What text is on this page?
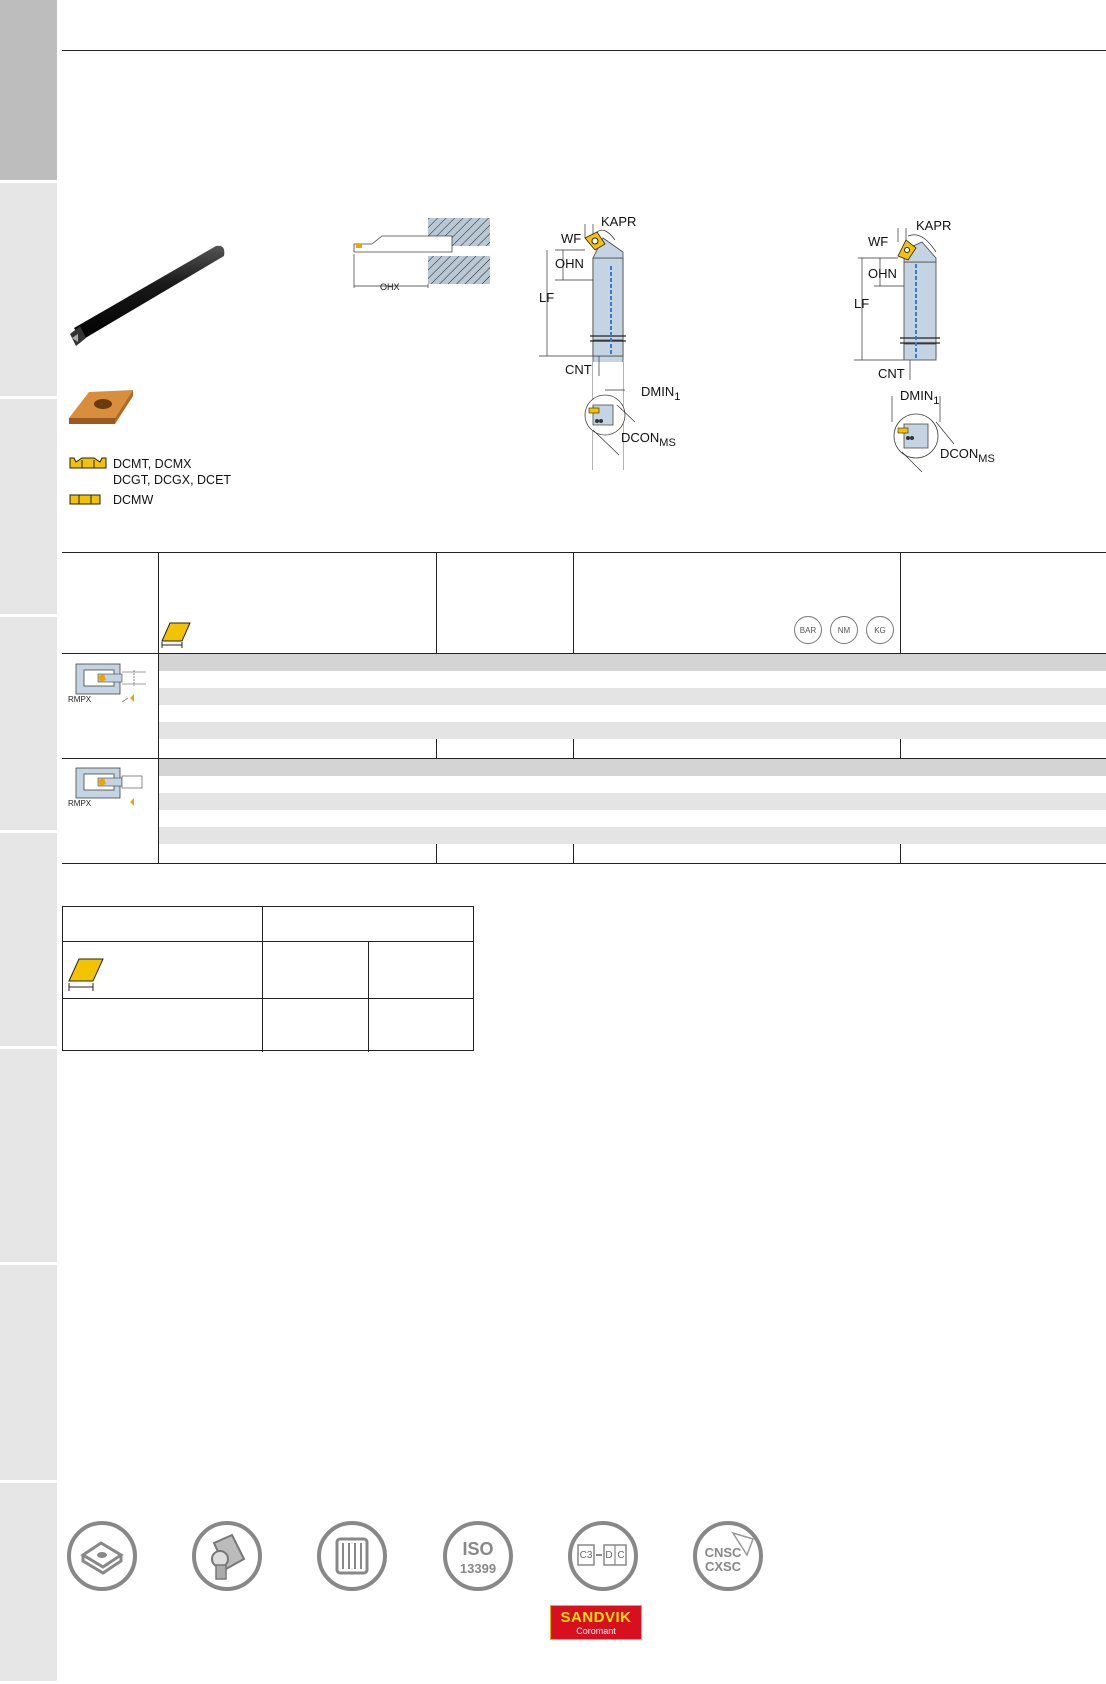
DCMT, DCMX
DCGT, DCGX, DCET
DCMW
OHX
WF
KAPR
OHN
LF
CNT
$DMIN_1$
$DCON_{MS}$
WF
KAPR
OHN
LF
CNT
$DMIN_1$
$DCON_{MS}$
BAR	NM	KG
RMPX
RMPX
ISO
13399
C3 D C	CNSC
CXSC
SANDVIK
Coromant
